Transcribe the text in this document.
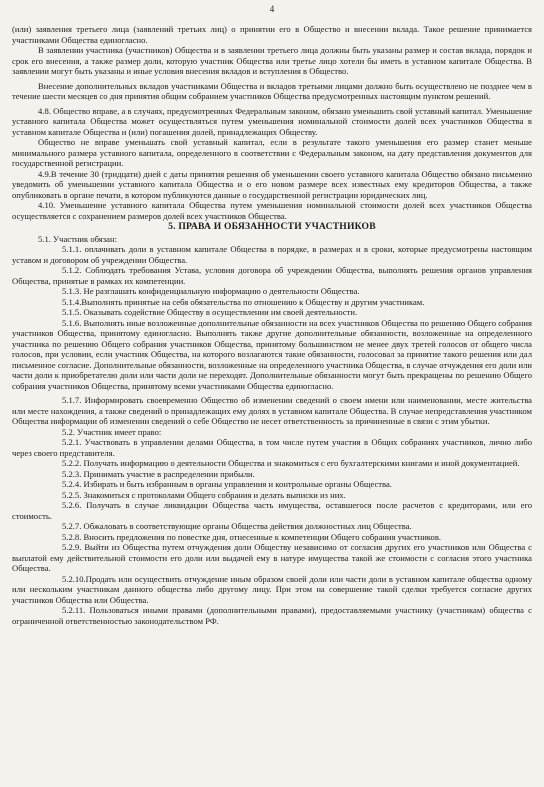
4

(или) заявления третьего лица (заявлений третьих лиц) о принятии его в Общество и внесении вклада. Такое решение принимается участниками Общества единогласно.

В заявлении участника (участников) Общества и в заявлении третьего лица должны быть указаны размер и состав вклада, порядок и срок его внесения, а также размер доли, которую участник Общества или третье лицо хотели бы иметь в уставном капитале Общества. В заявлении могут быть указаны и иные условия внесения вкладов и вступления в Общество.

Внесение дополнительных вкладов участниками Общества и вкладов третьими лицами должно быть осуществлено не позднее чем в течение шести месяцев со дня принятия общим собранием участников Общества предусмотренных настоящим пунктом решений.

4.8. Общество вправе, а в случаях, предусмотренных Федеральным законом, обязано уменьшить свой уставный капитал. Уменьшение уставного капитала Общества может осуществляться путем уменьшения номинальной стоимости долей всех участников Общества в уставном капитале Общества и (или) погашения долей, принадлежащих Обществу.

Общество не вправе уменьшать свой уставный капитал, если в результате такого уменьшения его размер станет меньше минимального размера уставного капитала, определенного в соответствии с Федеральным законом, на дату представления документов для государственной регистрации.

4.9.В течение 30 (тридцати) дней с даты принятия решения об уменьшении своего уставного капитала Общество обязано письменно уведомить об уменьшении уставного капитала Общества и о его новом размере всех известных ему кредиторов Общества, а также опубликовать в органе печати, в котором публикуются данные о государственной регистрации юридических лиц.

4.10. Уменьшение уставного капитала Общества путем уменьшения номинальной стоимости долей всех участников Общества осуществляется с сохранением размеров долей всех участников Общества.

5. ПРАВА И ОБЯЗАННОСТИ УЧАСТНИКОВ

5.1. Участник обязан:

5.1.1. оплачивать доли в уставном капитале Общества в порядке, в размерах и в сроки, которые предусмотрены настоящим уставом и договором об учреждении Общества.

5.1.2. Соблюдать требования Устава, условия договора об учреждении Общества, выполнять решения органов управления Общества, принятые в рамках их компетенции.

5.1.3. Не разглашать конфиденциальную информацию о деятельности Общества.

5.1.4.Выполнять принятые на себя обязательства по отношению к Обществу и другим участникам.

5.1.5. Оказывать содействие Обществу в осуществлении им своей деятельности.

5.1.6. Выполнять иные возложенные дополнительные обязанности на всех участников Общества по решению Общего собрания участников Общества, принятому единогласно. Выполнять также другие дополнительные обязанности, возложенные на определенного участника по решению Общего собрания участников Общества, принятому большинством не менее двух третей голосов от общего числа голосов, при условии, если участник Общества, на которого возлагаются такие обязанности, голосовал за принятие такого решения или дал письменное согласие. Дополнительные обязанности, возложенные на определенного участника Общества, в случае отчуждения его доли или части доли к приобретателю доли или части доли не переходят. Дополнительные обязанности могут быть прекращены по решению Общего собрания участников Общества, принятому всеми участниками Общества единогласно.

5.1.7. Информировать своевременно Общество об изменении сведений о своем имени или наименовании, месте жительства или месте нахождения, а также сведений о принадлежащих ему долях в уставном капитале Общества. В случае непредставления участником Общества информации об изменении сведений о себе Общество не несет ответственность за причиненные в связи с этим убытки.

5.2. Участник имеет право:

5.2.1. Участвовать в управлении делами Общества, в том числе путем участия в Общих собраниях участников, лично либо через своего представителя.

5.2.2. Получать информацию о деятельности Общества и знакомиться с его бухгалтерскими книгами и иной документацией.

5.2.3. Принимать участие в распределении прибыли.

5.2.4. Избирать и быть избранным в органы управления и контрольные органы Общества.

5.2.5. Знакомиться с протоколами Общего собрания и делать выписки из них.

5.2.6. Получать в случае ликвидации Общества часть имущества, оставшегося после расчетов с кредиторами, или его стоимость.

5.2.7. Обжаловать в соответствующие органы Общества действия должностных лиц Общества.

5.2.8. Вносить предложения по повестке дня, отнесенные к компетенции Общего собрания участников.

5.2.9. Выйти из Общества путем отчуждения доли Обществу независимо от согласия других его участников или Общества с выплатой ему действительной стоимости его доли или выдачей ему в натуре имущества такой же стоимости с согласия этого участника Общества.

5.2.10.Продать или осуществить отчуждение иным образом своей доли или части доли в уставном капитале общества одному или нескольким участникам данного общества либо другому лицу. При этом на совершение такой сделки требуется согласие других участников Общества или Общества.

5.2.11. Пользоваться иными правами (дополнительными правами), предоставляемыми участнику (участникам) общества с ограниченной ответственностью законодательством РФ.
